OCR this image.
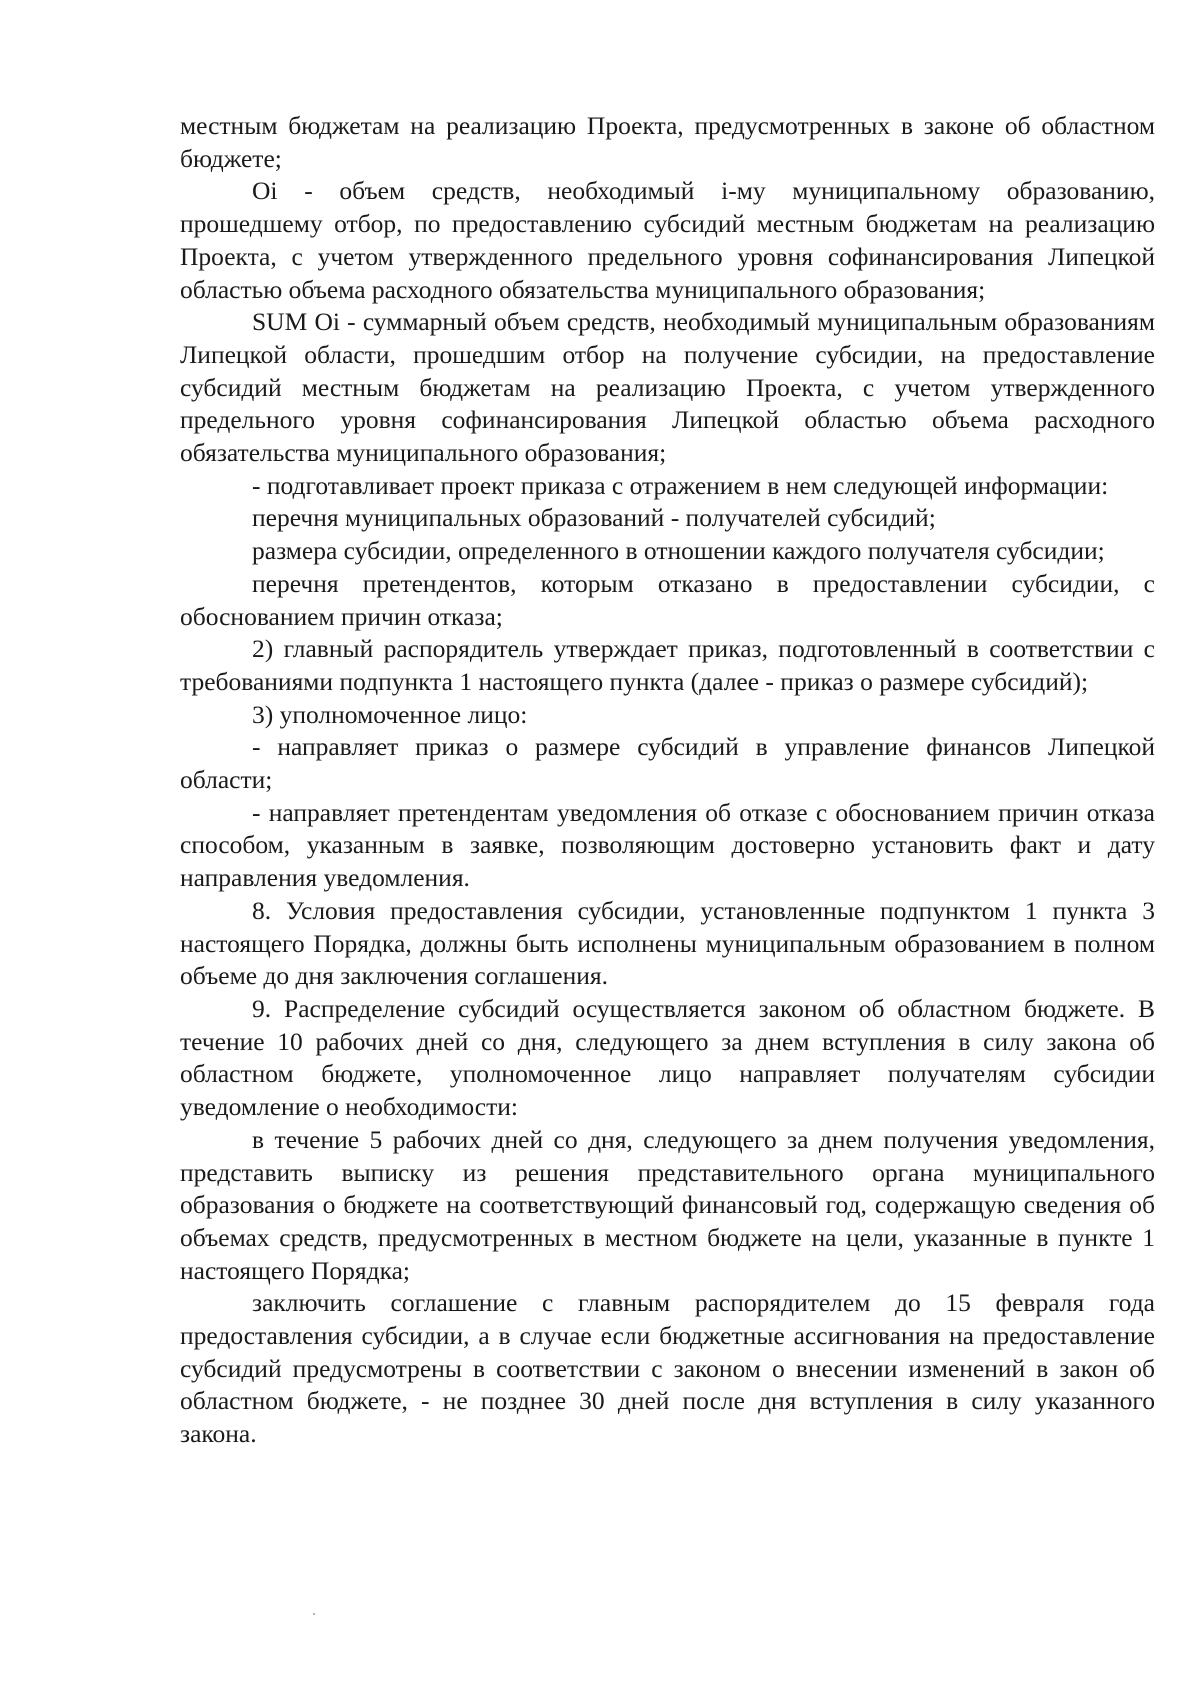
местным бюджетам на реализацию Проекта, предусмотренных в законе об областном бюджете;

Oi - объем средств, необходимый i-му муниципальному образованию, прошедшему отбор, по предоставлению субсидий местным бюджетам на реализацию Проекта, с учетом утвержденного предельного уровня софинансирования Липецкой областью объема расходного обязательства муниципального образования;

SUM Oi - суммарный объем средств, необходимый муниципальным образованиям Липецкой области, прошедшим отбор на получение субсидии, на предоставление субсидий местным бюджетам на реализацию Проекта, с учетом утвержденного предельного уровня софинансирования Липецкой областью объема расходного обязательства муниципального образования;

- подготавливает проект приказа с отражением в нем следующей информации:

перечня муниципальных образований - получателей субсидий;

размера субсидии, определенного в отношении каждого получателя субсидии;

перечня претендентов, которым отказано в предоставлении субсидии, с обоснованием причин отказа;

2) главный распорядитель утверждает приказ, подготовленный в соответствии с требованиями подпункта 1 настоящего пункта (далее - приказ о размере субсидий);

3) уполномоченное лицо:

- направляет приказ о размере субсидий в управление финансов Липецкой области;

- направляет претендентам уведомления об отказе с обоснованием причин отказа способом, указанным в заявке, позволяющим достоверно установить факт и дату направления уведомления.

8. Условия предоставления субсидии, установленные подпунктом 1 пункта 3 настоящего Порядка, должны быть исполнены муниципальным образованием в полном объеме до дня заключения соглашения.

9. Распределение субсидий осуществляется законом об областном бюджете. В течение 10 рабочих дней со дня, следующего за днем вступления в силу закона об областном бюджете, уполномоченное лицо направляет получателям субсидии уведомление о необходимости:

в течение 5 рабочих дней со дня, следующего за днем получения уведомления, представить выписку из решения представительного органа муниципального образования о бюджете на соответствующий финансовый год, содержащую сведения об объемах средств, предусмотренных в местном бюджете на цели, указанные в пункте 1 настоящего Порядка;

заключить соглашение с главным распорядителем до 15 февраля года предоставления субсидии, а в случае если бюджетные ассигнования на предоставление субсидий предусмотрены в соответствии с законом о внесении изменений в закон об областном бюджете, - не позднее 30 дней после дня вступления в силу указанного закона.
